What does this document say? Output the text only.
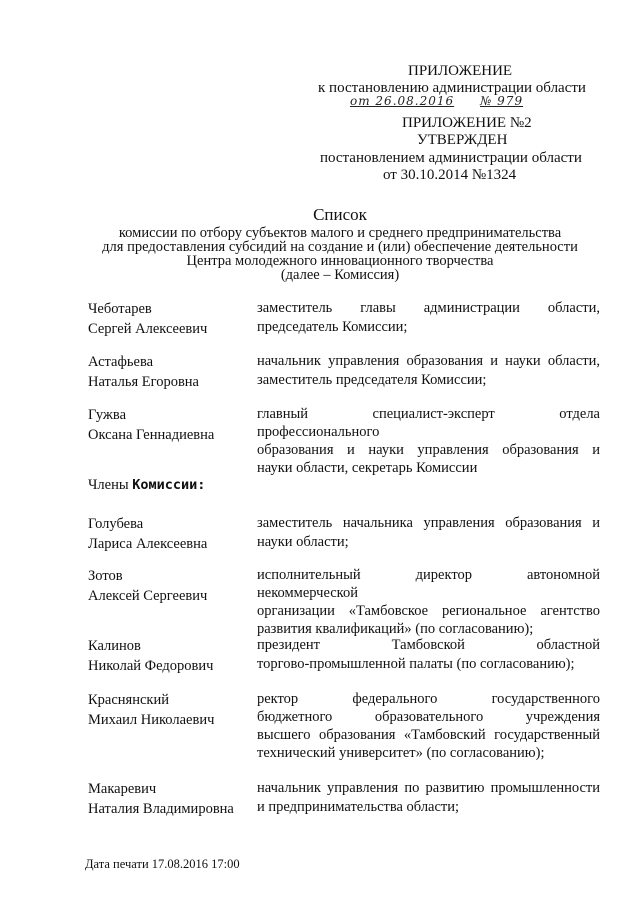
ПРИЛОЖЕНИЕ
к постановлению администрации области
от 26.08.2016 № 979
ПРИЛОЖЕНИЕ №2
УТВЕРЖДЕН
постановлением администрации области
от 30.10.2014 №1324
Список
комиссии по отбору субъектов малого и среднего предпринимательства
для предоставления субсидий на создание и (или) обеспечение деятельности
Центра молодежного инновационного творчества
(далее – Комиссия)
Чеботарев
Сергей Алексеевич
заместитель главы администрации области,
председатель Комиссии;
Астафьева
Наталья Егоровна
начальник управления образования и науки области,
заместитель председателя Комиссии;
Гужва
Оксана Геннадиевна
главный специалист-эксперт отдела профессионального
образования и науки управления образования и
науки области, секретарь Комиссии
Члены Комиссии:
Голубева
Лариса Алексеевна
заместитель начальника управления образования и
науки области;
Зотов
Алексей Сергеевич
исполнительный директор автономной некоммерческой
организации «Тамбовское региональное агентство
развития квалификаций» (по согласованию);
Калинов
Николай Федорович
президент Тамбовской областной
торгово-промышленной палаты (по согласованию);
Краснянский
Михаил Николаевич
ректор федерального государственного
бюджетного образовательного учреждения
высшего образования «Тамбовский государственный
технический университет» (по согласованию);
Макаревич
Наталия Владимировна
начальник управления по развитию промышленности
и предпринимательства области;
Дата печати 17.08.2016 17:00
